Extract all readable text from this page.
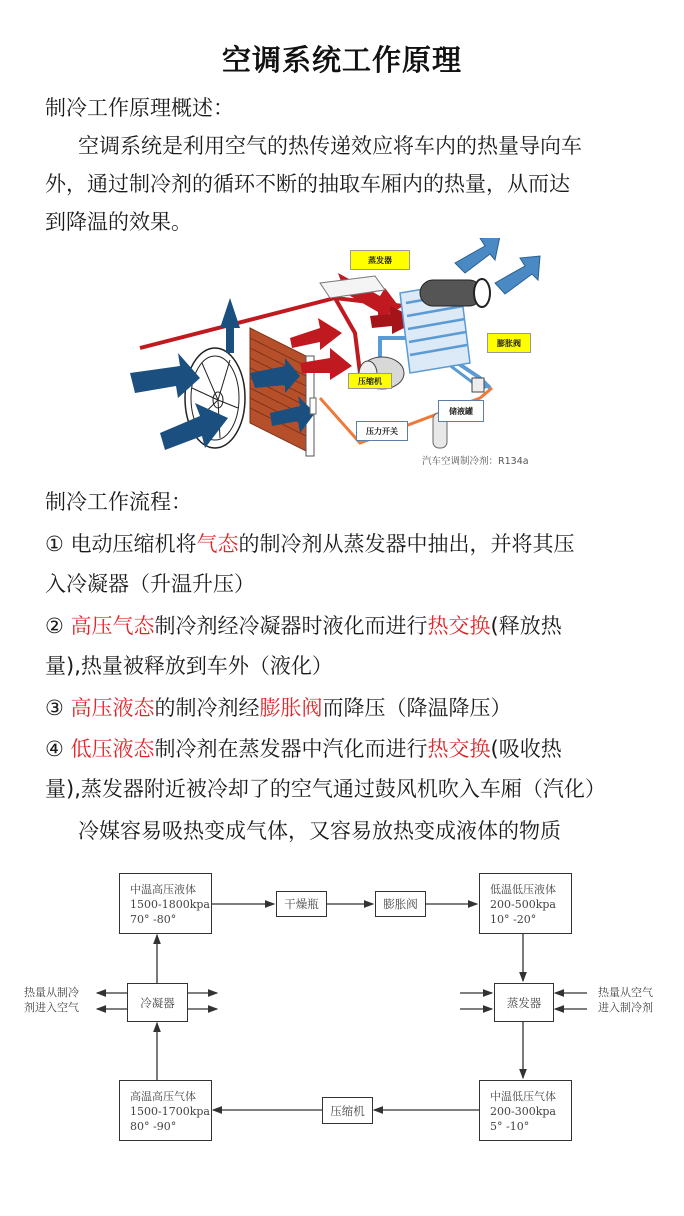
空调系统工作原理
制冷工作原理概述：
空调系统是利用空气的热传递效应将车内的热量导向车
外，通过制冷剂的循环不断的抽取车厢内的热量，从而达
到降温的效果。
蒸发器
膨胀阀
压缩机
储液罐
压力开关
汽车空调制冷剂：R134a
制冷工作流程：
① 电动压缩机将气态的制冷剂从蒸发器中抽出，并将其压
入冷凝器（升温升压）
② 高压气态制冷剂经冷凝器时液化而进行热交换(释放热
量),热量被释放到车外（液化）
③ 高压液态的制冷剂经膨胀阀而降压（降温降压）
④ 低压液态制冷剂在蒸发器中汽化而进行热交换(吸收热
量),蒸发器附近被冷却了的空气通过鼓风机吹入车厢（汽化）
冷媒容易吸热变成气体，又容易放热变成液体的物质
中温高压液体
1500-1800kpa
70° -80°
干燥瓶	膨胀阀
低温低压液体
200-500kpa
10° -20°
热量从制冷
剂进入空气	冷凝器	蒸发器
热量从空气
进入制冷剂
高温高压气体
1500-1700kpa
80° -90°
压缩机
中温低压气体
200-300kpa
5° -10°
